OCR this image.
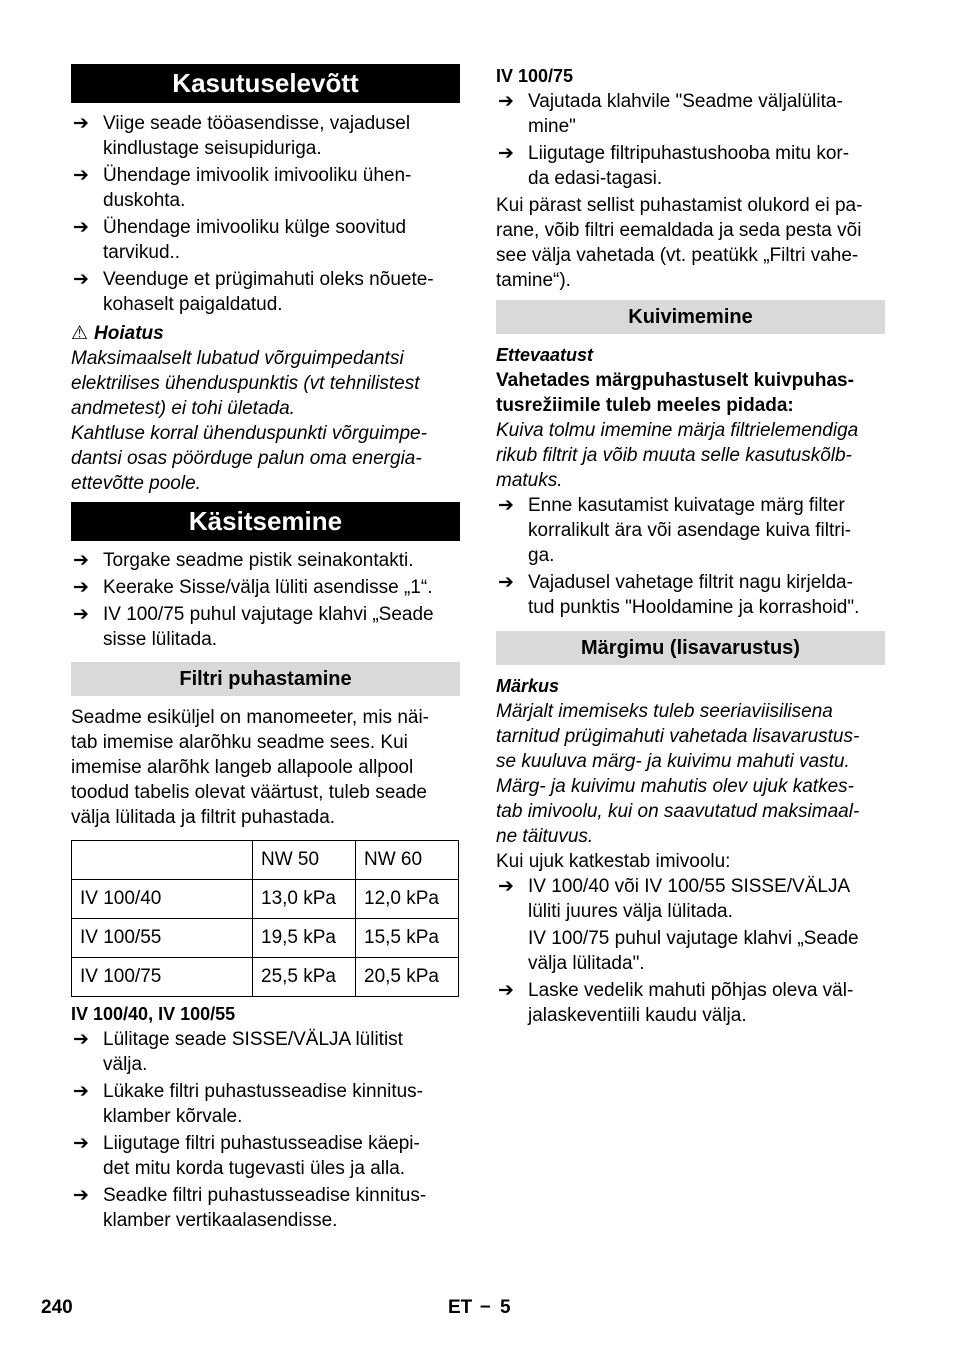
Kasutuselevõtt
➔ Viige seade tööasendisse, vajadusel
kindlustage seisupiduriga.
➔ Ühendage imivoolik imivooliku ühen-
duskohta.
➔ Ühendage imivooliku külge soovitud
tarvikud..
➔ Veenduge et prügimahuti oleks nõuete-
kohaselt paigaldatud.
⚠ Hoiatus
Maksimaalselt lubatud võrguimpedantsi
elektrilises ühenduspunktis (vt tehnilistest
andmetest) ei tohi ületada.
Kahtluse korral ühenduspunkti võrguimpe-
dantsi osas pöörduge palun oma energia-
ettevõtte poole.
Käsitsemine
➔ Torgake seadme pistik seinakontakti.
➔ Keerake Sisse/välja lüliti asendisse „1“.
➔ IV 100/75 puhul vajutage klahvi „Seade
sisse lülitada.
Filtri puhastamine
Seadme esiküljel on manomeeter, mis näi-
tab imemise alarõhku seadme sees. Kui
imemise alarõhk langeb allapoole allpool
toodud tabelis olevat väärtust, tuleb seade
välja lülitada ja filtrit puhastada.
	NW 50	NW 60
IV 100/40	13,0 kPa	12,0 kPa
IV 100/55	19,5 kPa	15,5 kPa
IV 100/75	25,5 kPa	20,5 kPa
IV 100/40, IV 100/55
➔ Lülitage seade SISSE/VÄLJA lülitist
välja.
➔ Lükake filtri puhastusseadise kinnitus-
klamber kõrvale.
➔ Liigutage filtri puhastusseadise käepi-
det mitu korda tugevasti üles ja alla.
➔ Seadke filtri puhastusseadise kinnitus-
klamber vertikaalasendisse.
IV 100/75
➔ Vajutada klahvile "Seadme väljalülita-
mine"
➔ Liigutage filtripuhastushooba mitu kor-
da edasi-tagasi.
Kui pärast sellist puhastamist olukord ei pa-
rane, võib filtri eemaldada ja seda pesta või
see välja vahetada (vt. peatükk „Filtri vahe-
tamine“).
Kuivimemine
Ettevaatust
Vahetades märgpuhastuselt kuivpuhas-
tusrežiimile tuleb meeles pidada:
Kuiva tolmu imemine märja filtrielemendiga
rikub filtrit ja võib muuta selle kasutuskõlb-
matuks.
➔ Enne kasutamist kuivatage märg filter
korralikult ära või asendage kuiva filtri-
ga.
➔ Vajadusel vahetage filtrit nagu kirjelda-
tud punktis "Hooldamine ja korrashoid".
Märgimu (lisavarustus)
Märkus
Märjalt imemiseks tuleb seeriaviisilisena
tarnitud prügimahuti vahetada lisavarustus-
se kuuluva märg- ja kuivimu mahuti vastu.
Märg- ja kuivimu mahutis olev ujuk katkes-
tab imivoolu, kui on saavutatud maksimaal-
ne täituvus.
Kui ujuk katkestab imivoolu:
➔ IV 100/40 või IV 100/55 SISSE/VÄLJA
lüliti juures välja lülitada.
IV 100/75 puhul vajutage klahvi „Seade
välja lülitada".
➔ Laske vedelik mahuti põhjas oleva väl-
jalaskeventiili kaudu välja.
240	ET – 5
